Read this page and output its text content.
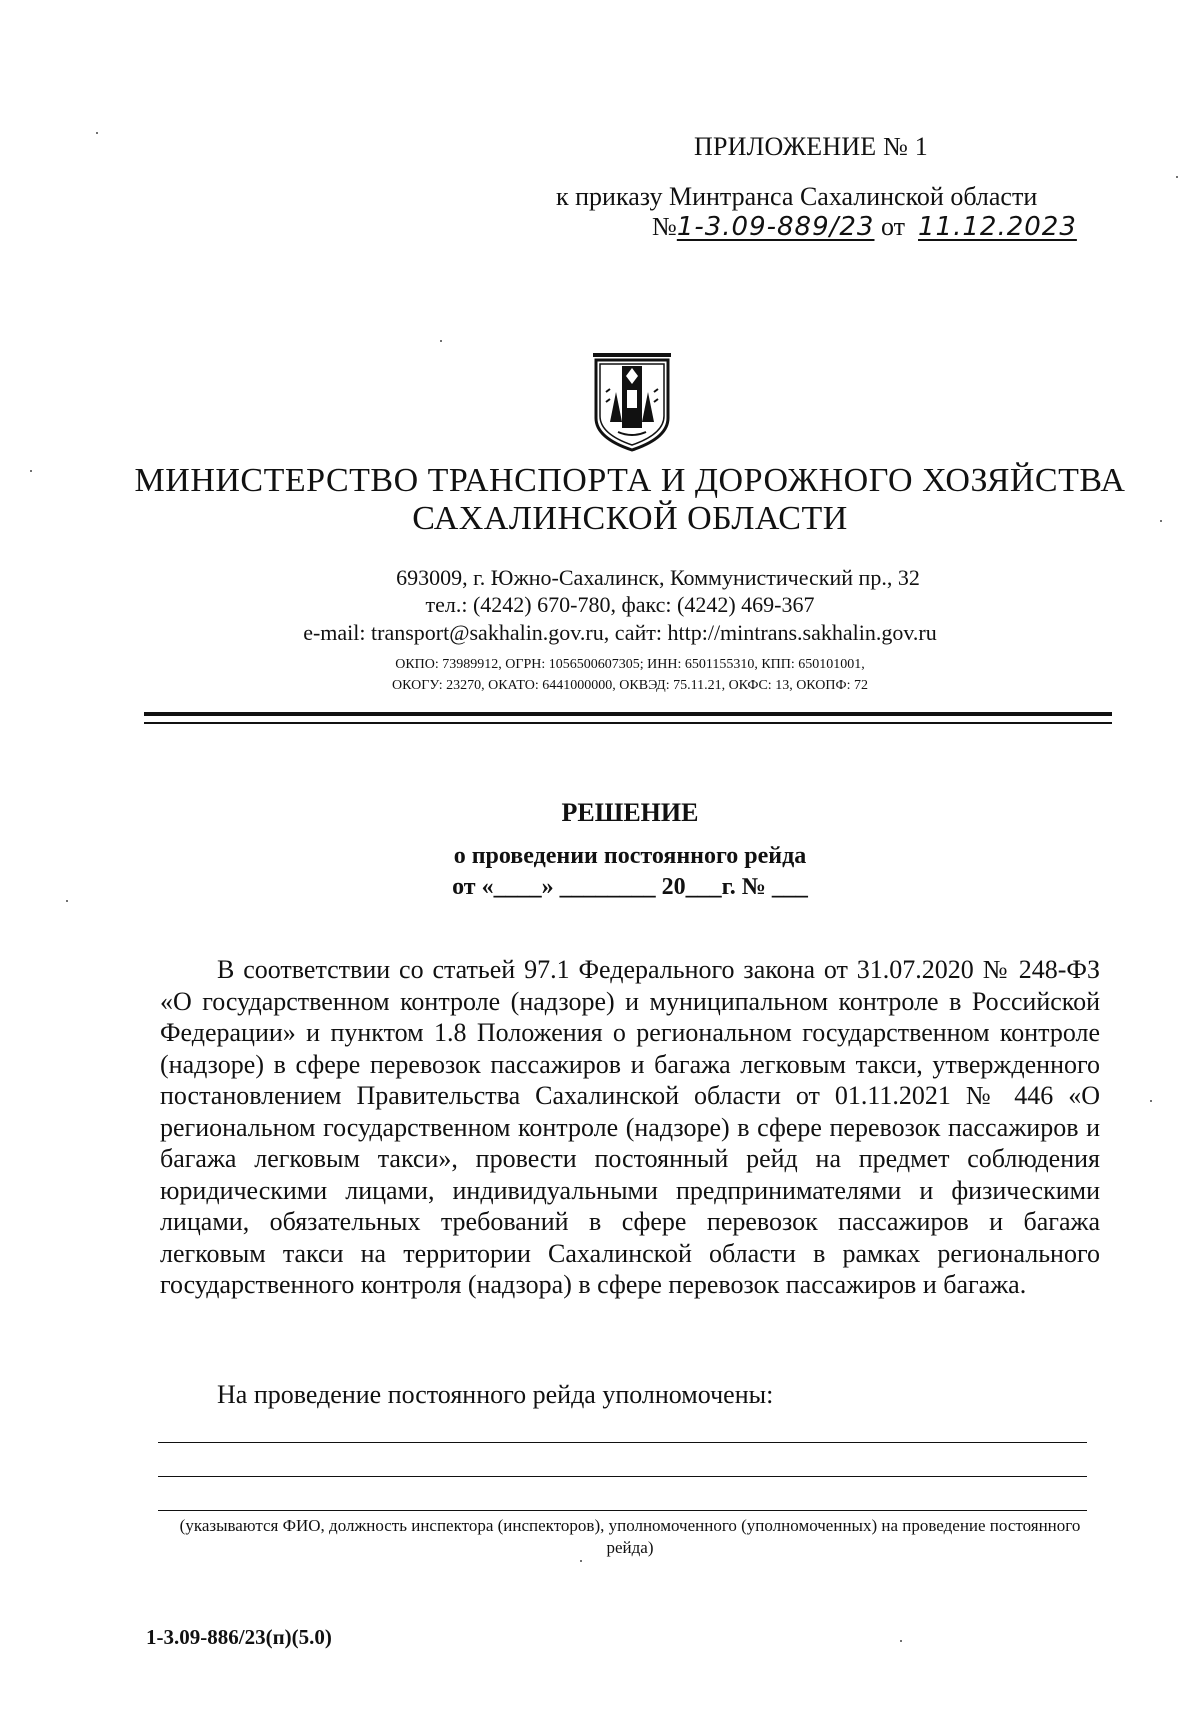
ПРИЛОЖЕНИЕ № 1
к приказу Минтранса Сахалинской области
№1-3.09-889/23 от 11.12.2023
МИНИСТЕРСТВО ТРАНСПОРТА И ДОРОЖНОГО ХОЗЯЙСТВА
САХАЛИНСКОЙ ОБЛАСТИ
693009, г. Южно-Сахалинск, Коммунистический пр., 32
тел.: (4242) 670-780, факс: (4242) 469-367
e-mail: transport@sakhalin.gov.ru, сайт: http://mintrans.sakhalin.gov.ru
ОКПО: 73989912, ОГРН: 1056500607305; ИНН: 6501155310, КПП: 650101001,
ОКОГУ: 23270, ОКАТО: 6441000000, ОКВЭД: 75.11.21, ОКФС: 13, ОКОПФ: 72
РЕШЕНИЕ
о проведении постоянного рейда
от «____» ________ 20___г. № ___
В соответствии со статьей 97.1 Федерального закона от 31.07.2020 № 248-ФЗ «О государственном контроле (надзоре) и муниципальном контроле в Российской Федерации» и пунктом 1.8 Положения о региональном государственном контроле (надзоре) в сфере перевозок пассажиров и багажа легковым такси, утвержденного постановлением Правительства Сахалинской области от 01.11.2021 № 446 «О региональном государственном контроле (надзоре) в сфере перевозок пассажиров и багажа легковым такси», провести постоянный рейд на предмет соблюдения юридическими лицами, индивидуальными предпринимателями и физическими лицами, обязательных требований в сфере перевозок пассажиров и багажа легковым такси на территории Сахалинской области в рамках регионального государственного контроля (надзора) в сфере перевозок пассажиров и багажа.
На проведение постоянного рейда уполномочены:
(указываются ФИО, должность инспектора (инспекторов), уполномоченного (уполномоченных) на проведение постоянного рейда)
1-3.09-886/23(п)(5.0)
